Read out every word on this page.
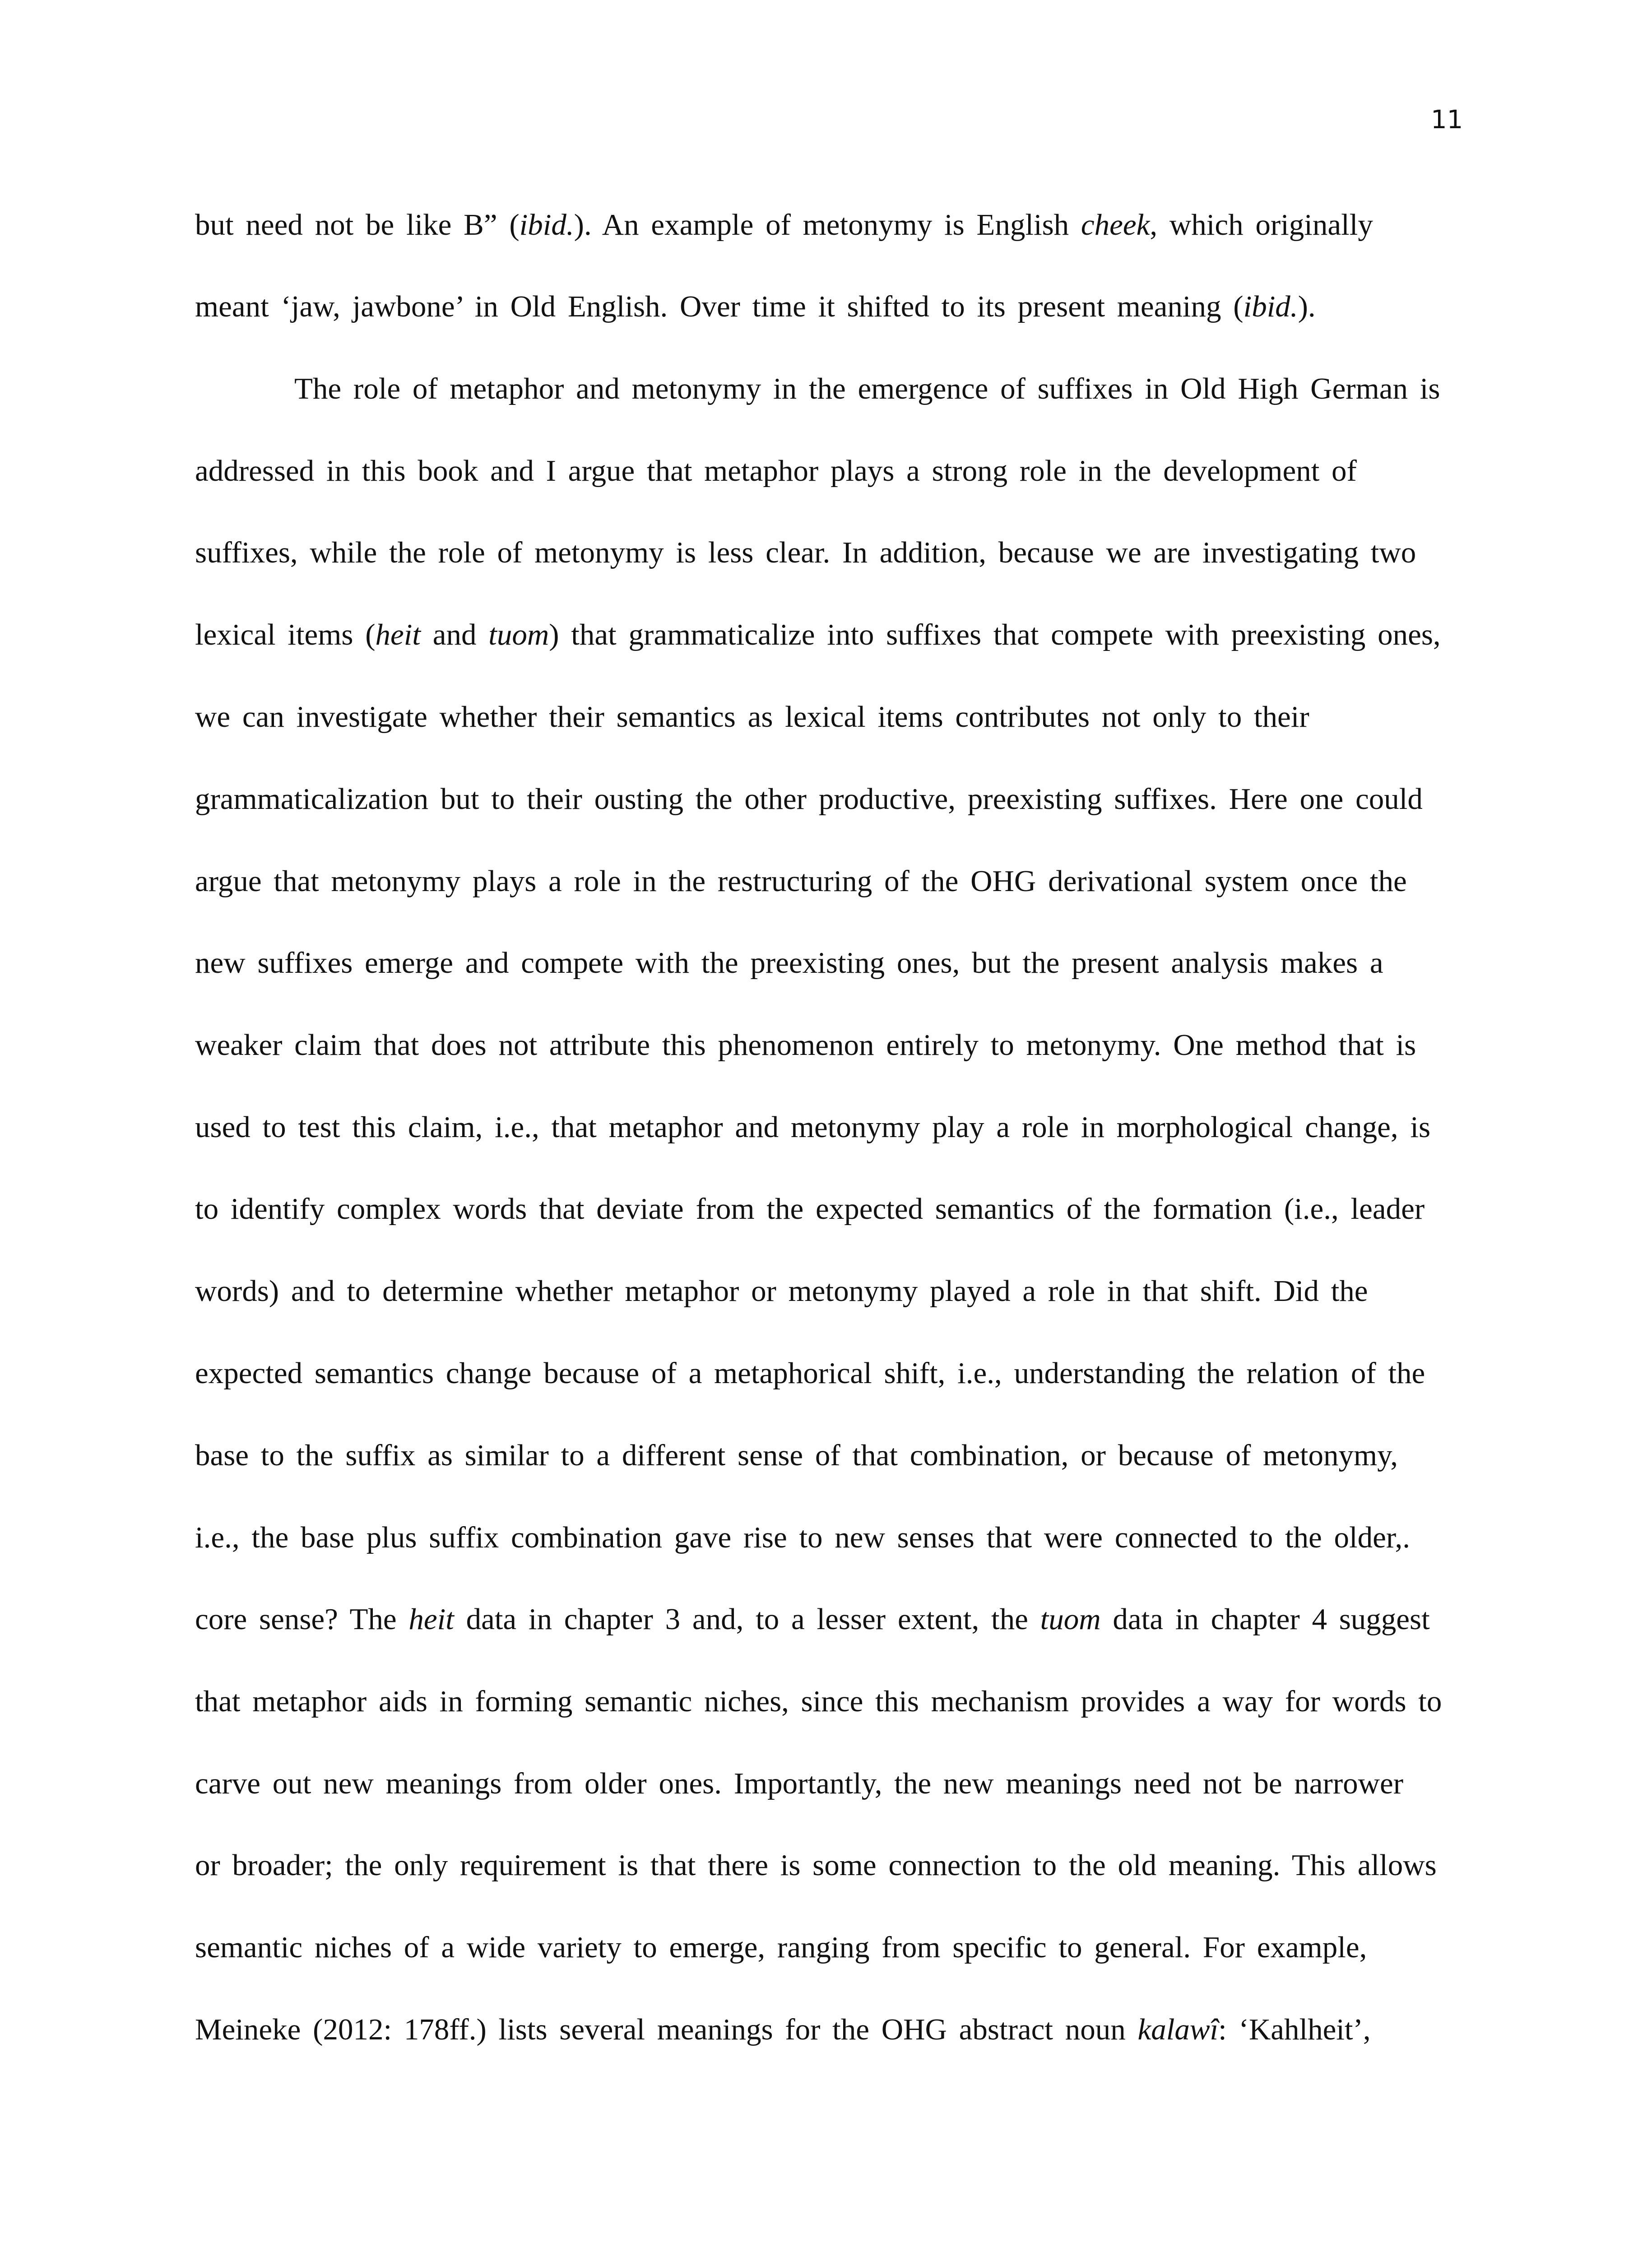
11
but need not be like B” (ibid.). An example of metonymy is English cheek, which originally
meant ‘jaw, jawbone’ in Old English. Over time it shifted to its present meaning (ibid.).
The role of metaphor and metonymy in the emergence of suffixes in Old High German is
addressed in this book and I argue that metaphor plays a strong role in the development of
suffixes, while the role of metonymy is less clear. In addition, because we are investigating two
lexical items (heit and tuom) that grammaticalize into suffixes that compete with preexisting ones,
we can investigate whether their semantics as lexical items contributes not only to their
grammaticalization but to their ousting the other productive, preexisting suffixes. Here one could
argue that metonymy plays a role in the restructuring of the OHG derivational system once the
new suffixes emerge and compete with the preexisting ones, but the present analysis makes a
weaker claim that does not attribute this phenomenon entirely to metonymy. One method that is
used to test this claim, i.e., that metaphor and metonymy play a role in morphological change, is
to identify complex words that deviate from the expected semantics of the formation (i.e., leader
words) and to determine whether metaphor or metonymy played a role in that shift. Did the
expected semantics change because of a metaphorical shift, i.e., understanding the relation of the
base to the suffix as similar to a different sense of that combination, or because of metonymy,
i.e., the base plus suffix combination gave rise to new senses that were connected to the older,.
core sense? The heit data in chapter 3 and, to a lesser extent, the tuom data in chapter 4 suggest
that metaphor aids in forming semantic niches, since this mechanism provides a way for words to
carve out new meanings from older ones. Importantly, the new meanings need not be narrower
or broader; the only requirement is that there is some connection to the old meaning. This allows
semantic niches of a wide variety to emerge, ranging from specific to general. For example,
Meineke (2012: 178ff.) lists several meanings for the OHG abstract noun kalawî: ‘Kahlheit’,
